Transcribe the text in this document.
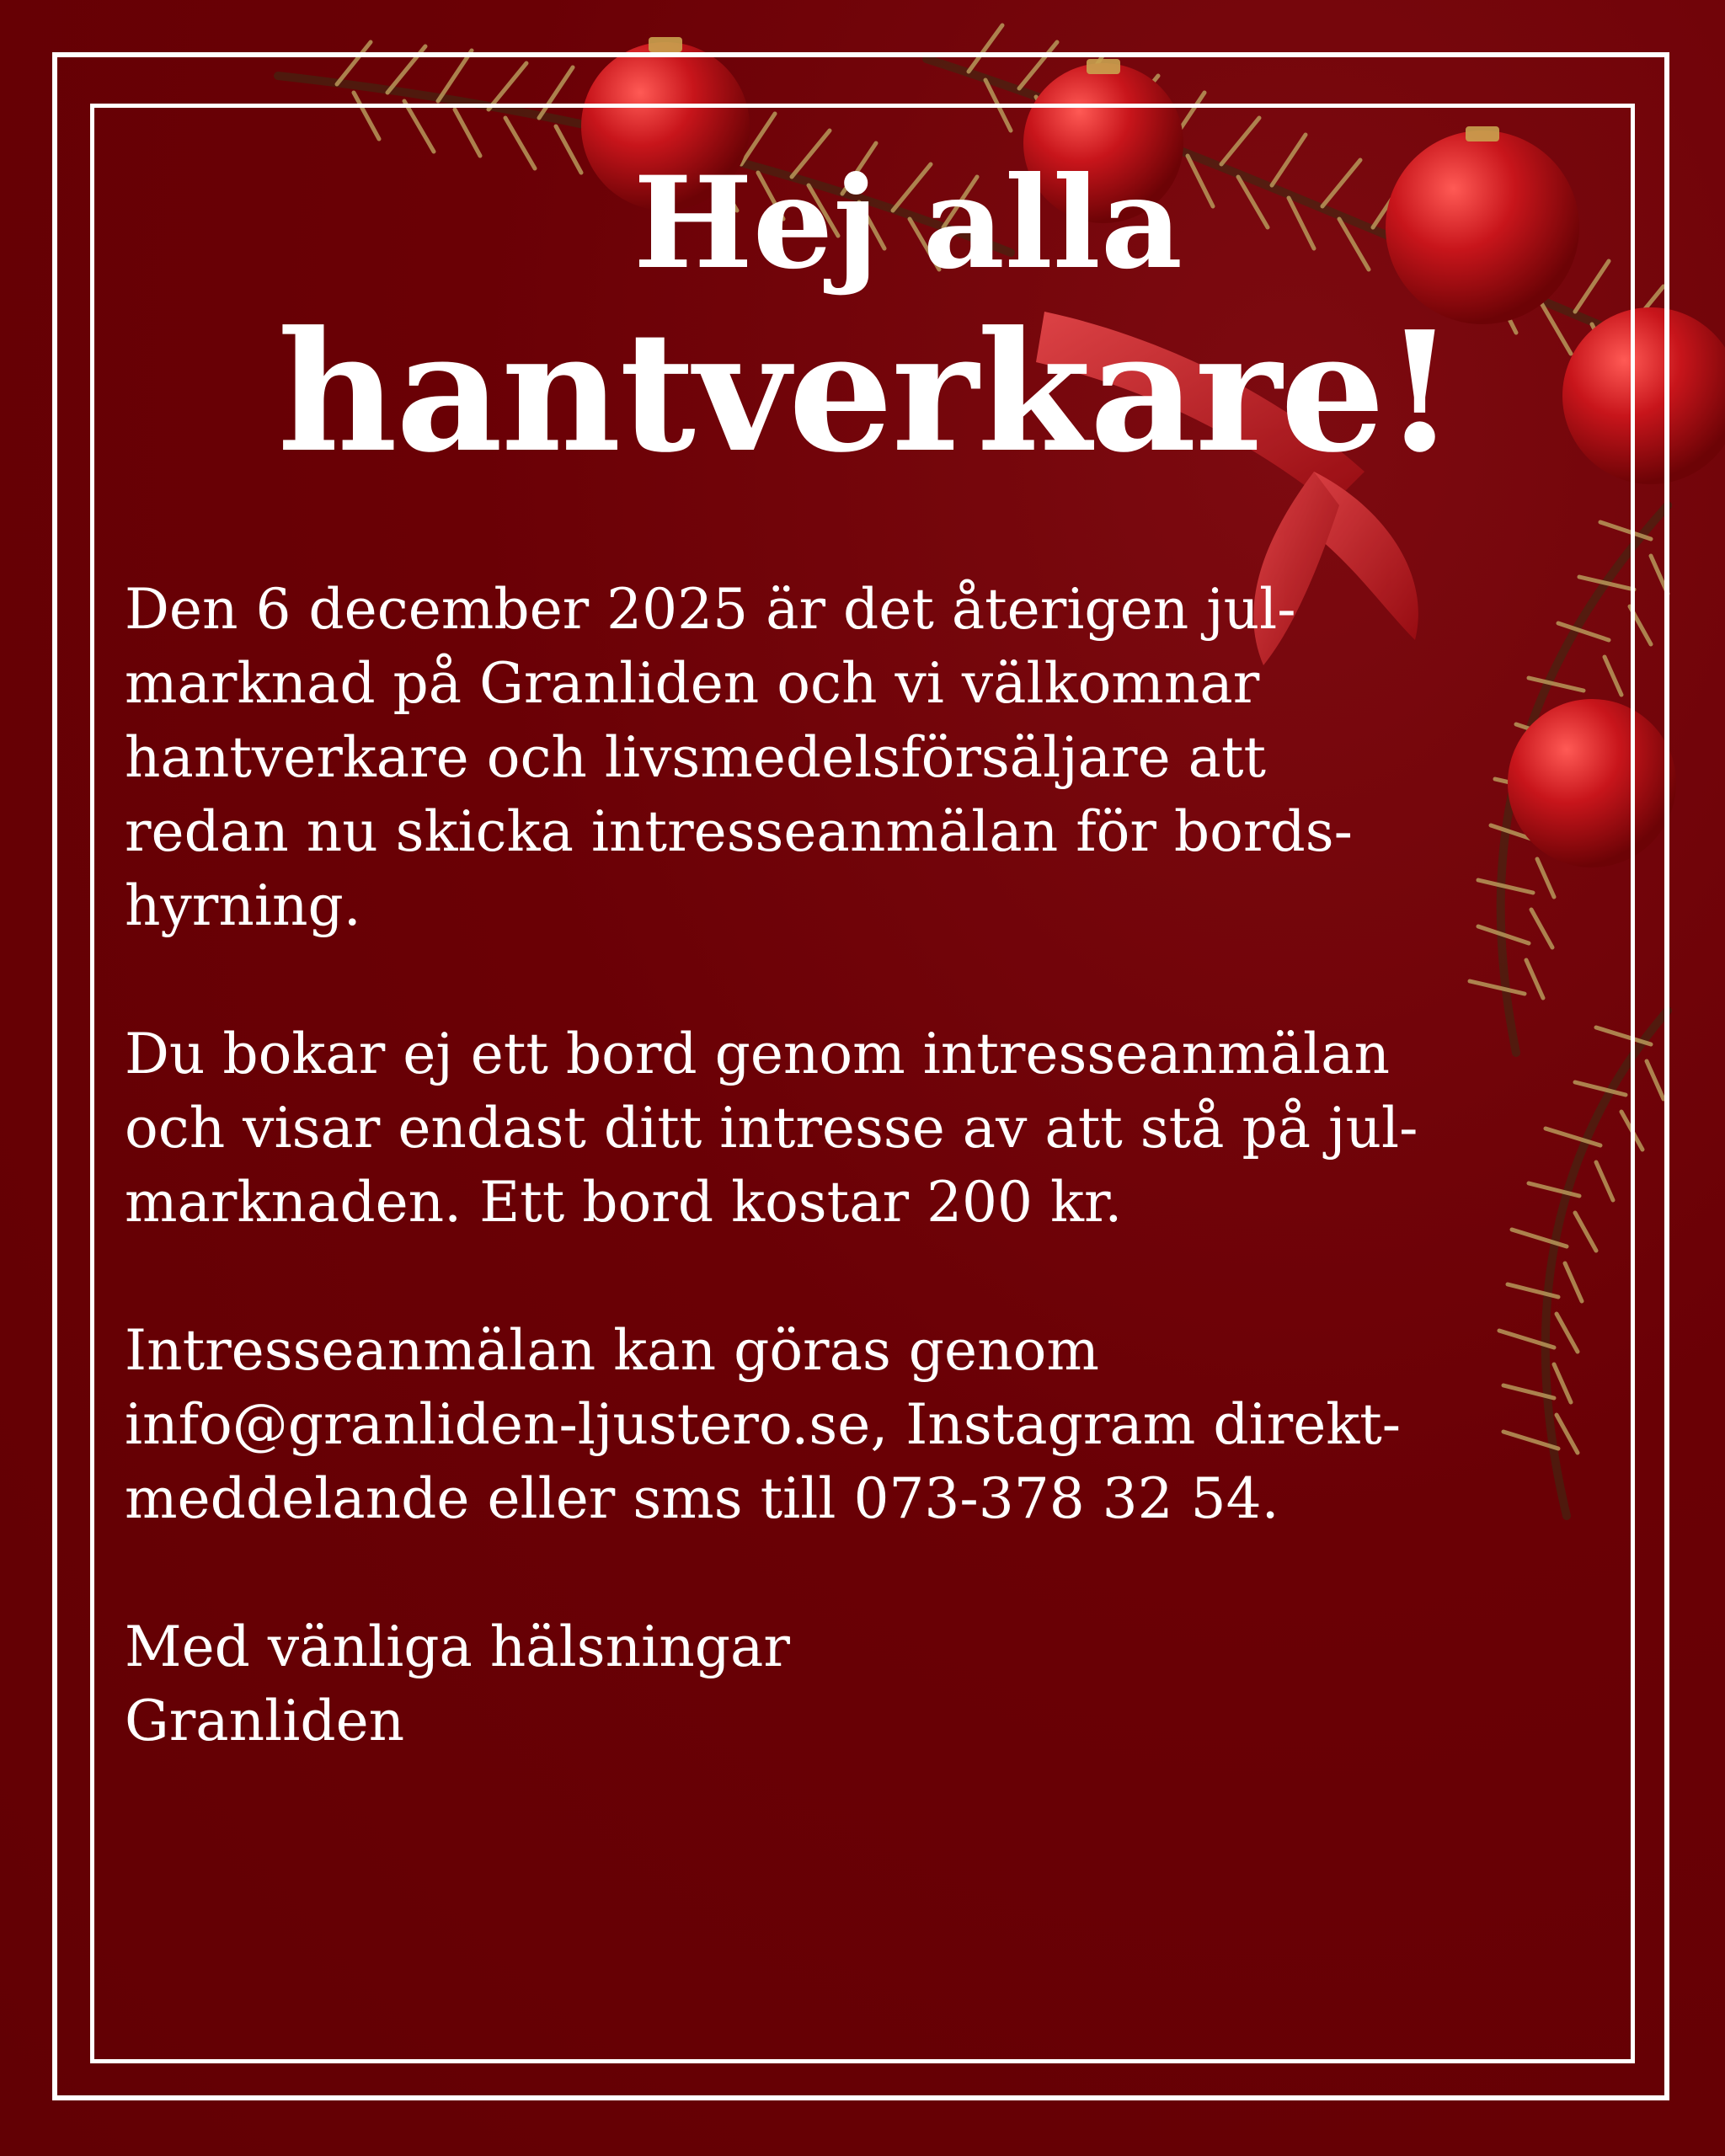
Hej alla
hantverkare!

Den 6 december 2025 är det återigen jul-
marknad på Granliden och vi välkomnar
hantverkare och livsmedelsförsäljare att
redan nu skicka intresseanmälan för bords-
hyrning.

Du bokar ej ett bord genom intresseanmälan
och visar endast ditt intresse av att stå på jul-
marknaden. Ett bord kostar 200 kr.

Intresseanmälan kan göras genom
info@granliden-ljustero.se, Instagram direkt-
meddelande eller sms till 073-378 32 54.

Med vänliga hälsningar
Granliden
